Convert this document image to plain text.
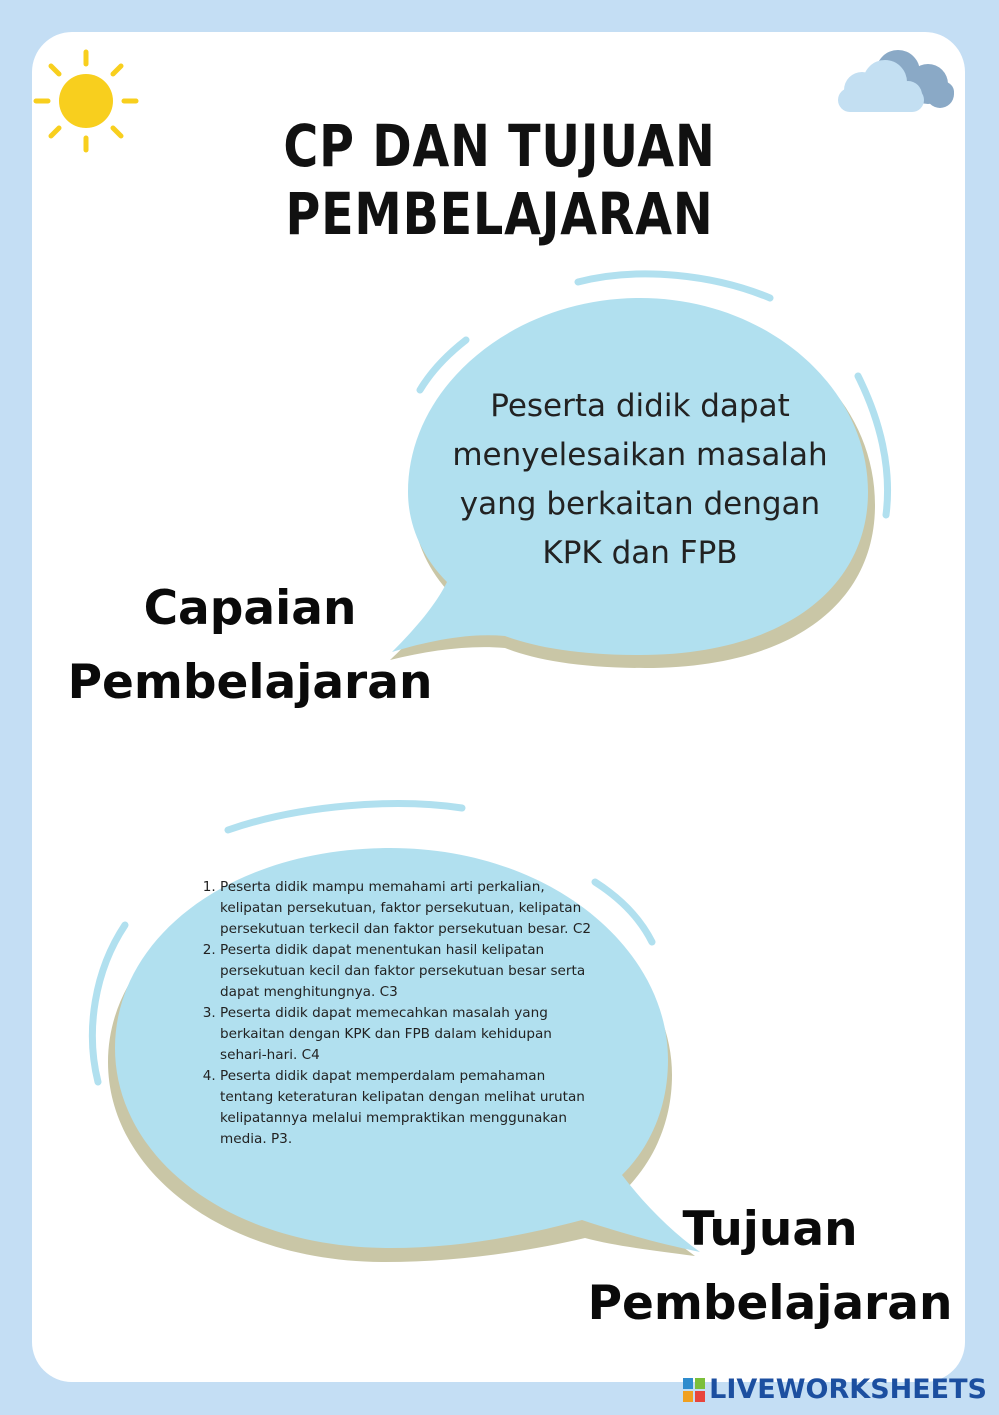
CP DAN TUJUAN PEMBELAJARAN
Peserta didik dapat
menyelesaikan masalah
yang berkaitan dengan
KPK dan FPB
Capaian
Pembelajaran
1. Peserta didik mampu memahami arti perkalian, kelipatan persekutuan, faktor persekutuan, kelipatan persekutuan terkecil dan faktor persekutuan besar. C2
2. Peserta didik dapat menentukan hasil kelipatan persekutuan kecil dan faktor persekutuan besar serta dapat menghitungnya. C3
3. Peserta didik dapat memecahkan masalah yang berkaitan dengan KPK dan FPB dalam kehidupan sehari-hari. C4
4. Peserta didik dapat memperdalam pemahaman tentang keteraturan kelipatan dengan melihat urutan kelipatannya melalui mempraktikan menggunakan media. P3.
Tujuan
Pembelajaran
LIVEWORKSHEETS
